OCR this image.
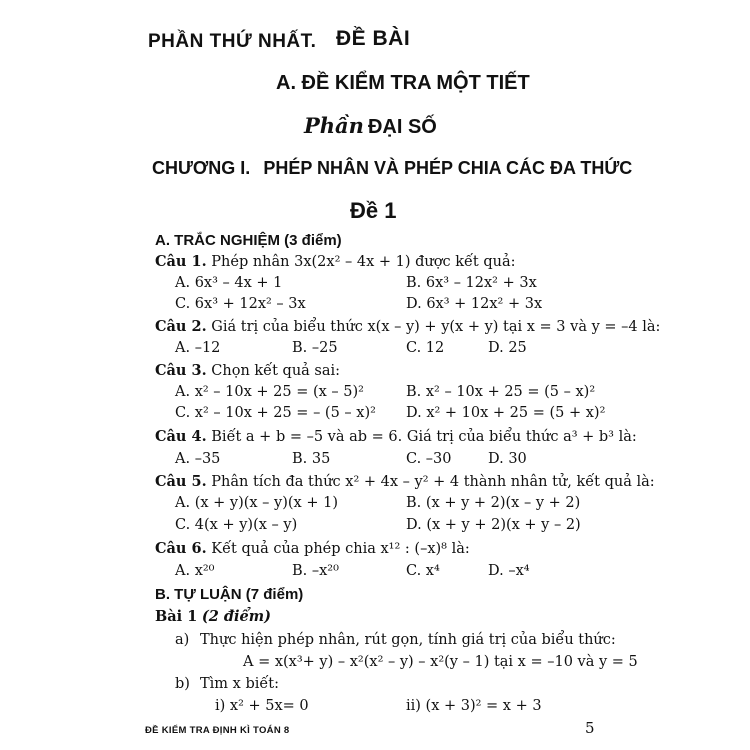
PHẦN THỨ NHẤT. ĐỀ BÀI
A. ĐỀ KIỂM TRA MỘT TIẾT
Phần ĐẠI SỐ
CHƯƠNG I. PHÉP NHÂN VÀ PHÉP CHIA CÁC ĐA THỨC
Đề 1
A. TRẮC NGHIỆM (3 điểm)
Câu 1. Phép nhân 3x(2x² – 4x + 1) được kết quả:
A. 6x³ – 4x + 1	B. 6x³ – 12x² + 3x
C. 6x³ + 12x² – 3x	D. 6x³ + 12x² + 3x
Câu 2. Giá trị của biểu thức x(x – y) + y(x + y) tại x = 3 và y = –4 là:
A. –12	B. –25	C. 12	D. 25
Câu 3. Chọn kết quả sai:
A. x² – 10x + 25 = (x – 5)²	B. x² – 10x + 25 = (5 – x)²
C. x² – 10x + 25 = – (5 – x)² D. x² + 10x + 25 = (5 + x)²
Câu 4. Biết a + b = –5 và ab = 6. Giá trị của biểu thức a³ + b³ là:
A. –35	B. 35	C. –30	D. 30
Câu 5. Phân tích đa thức x² + 4x – y² + 4 thành nhân tử, kết quả là:
A. (x + y)(x – y)(x + 1)	B. (x + y + 2)(x – y + 2)
C. 4(x + y)(x – y)	D. (x + y + 2)(x + y – 2)
Câu 6. Kết quả của phép chia x¹² : (–x)⁸ là:
A. x²⁰	B. –x²⁰	C. x⁴	D. –x⁴
B. TỰ LUẬN (7 điểm)
Bài 1 (2 điểm)
a) Thực hiện phép nhân, rút gọn, tính giá trị của biểu thức:
A = x(x³+ y) – x²(x² – y) – x²(y – 1) tại x = –10 và y = 5
b) Tìm x biết:
i) x² + 5x= 0	ii) (x + 3)² = x + 3
ĐỀ KIỂM TRA ĐỊNH KÌ TOÁN 8	5
